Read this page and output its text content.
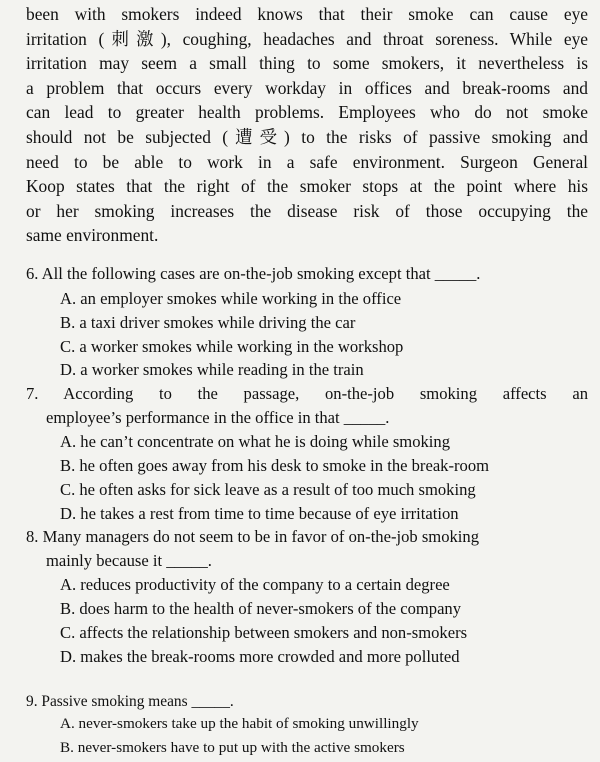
been with smokers indeed knows that their smoke can cause eye
irritation (刺激), coughing, headaches and throat soreness. While eye
irritation may seem a small thing to some smokers, it nevertheless is
a problem that occurs every workday in offices and break-rooms and
can lead to greater health problems. Employees who do not smoke
should not be subjected (遭受) to the risks of passive smoking and
need to be able to work in a safe environment. Surgeon General
Koop states that the right of the smoker stops at the point where his
or her smoking increases the disease risk of those occupying the
same environment.
6. All the following cases are on-the-job smoking except that _____.
A. an employer smokes while working in the office
B. a taxi driver smokes while driving the car
C. a worker smokes while working in the workshop
D. a worker smokes while reading in the train
7. According to the passage, on-the-job smoking affects an
employee’s performance in the office in that _____.
A. he can’t concentrate on what he is doing while smoking
B. he often goes away from his desk to smoke in the break-room
C. he often asks for sick leave as a result of too much smoking
D. he takes a rest from time to time because of eye irritation
8. Many managers do not seem to be in favor of on-the-job smoking
mainly because it _____.
A. reduces productivity of the company to a certain degree
B. does harm to the health of never-smokers of the company
C. affects the relationship between smokers and non-smokers
D. makes the break-rooms more crowded and more polluted
9. Passive smoking means _____.
A. never-smokers take up the habit of smoking unwillingly
B. never-smokers have to put up with the active smokers
